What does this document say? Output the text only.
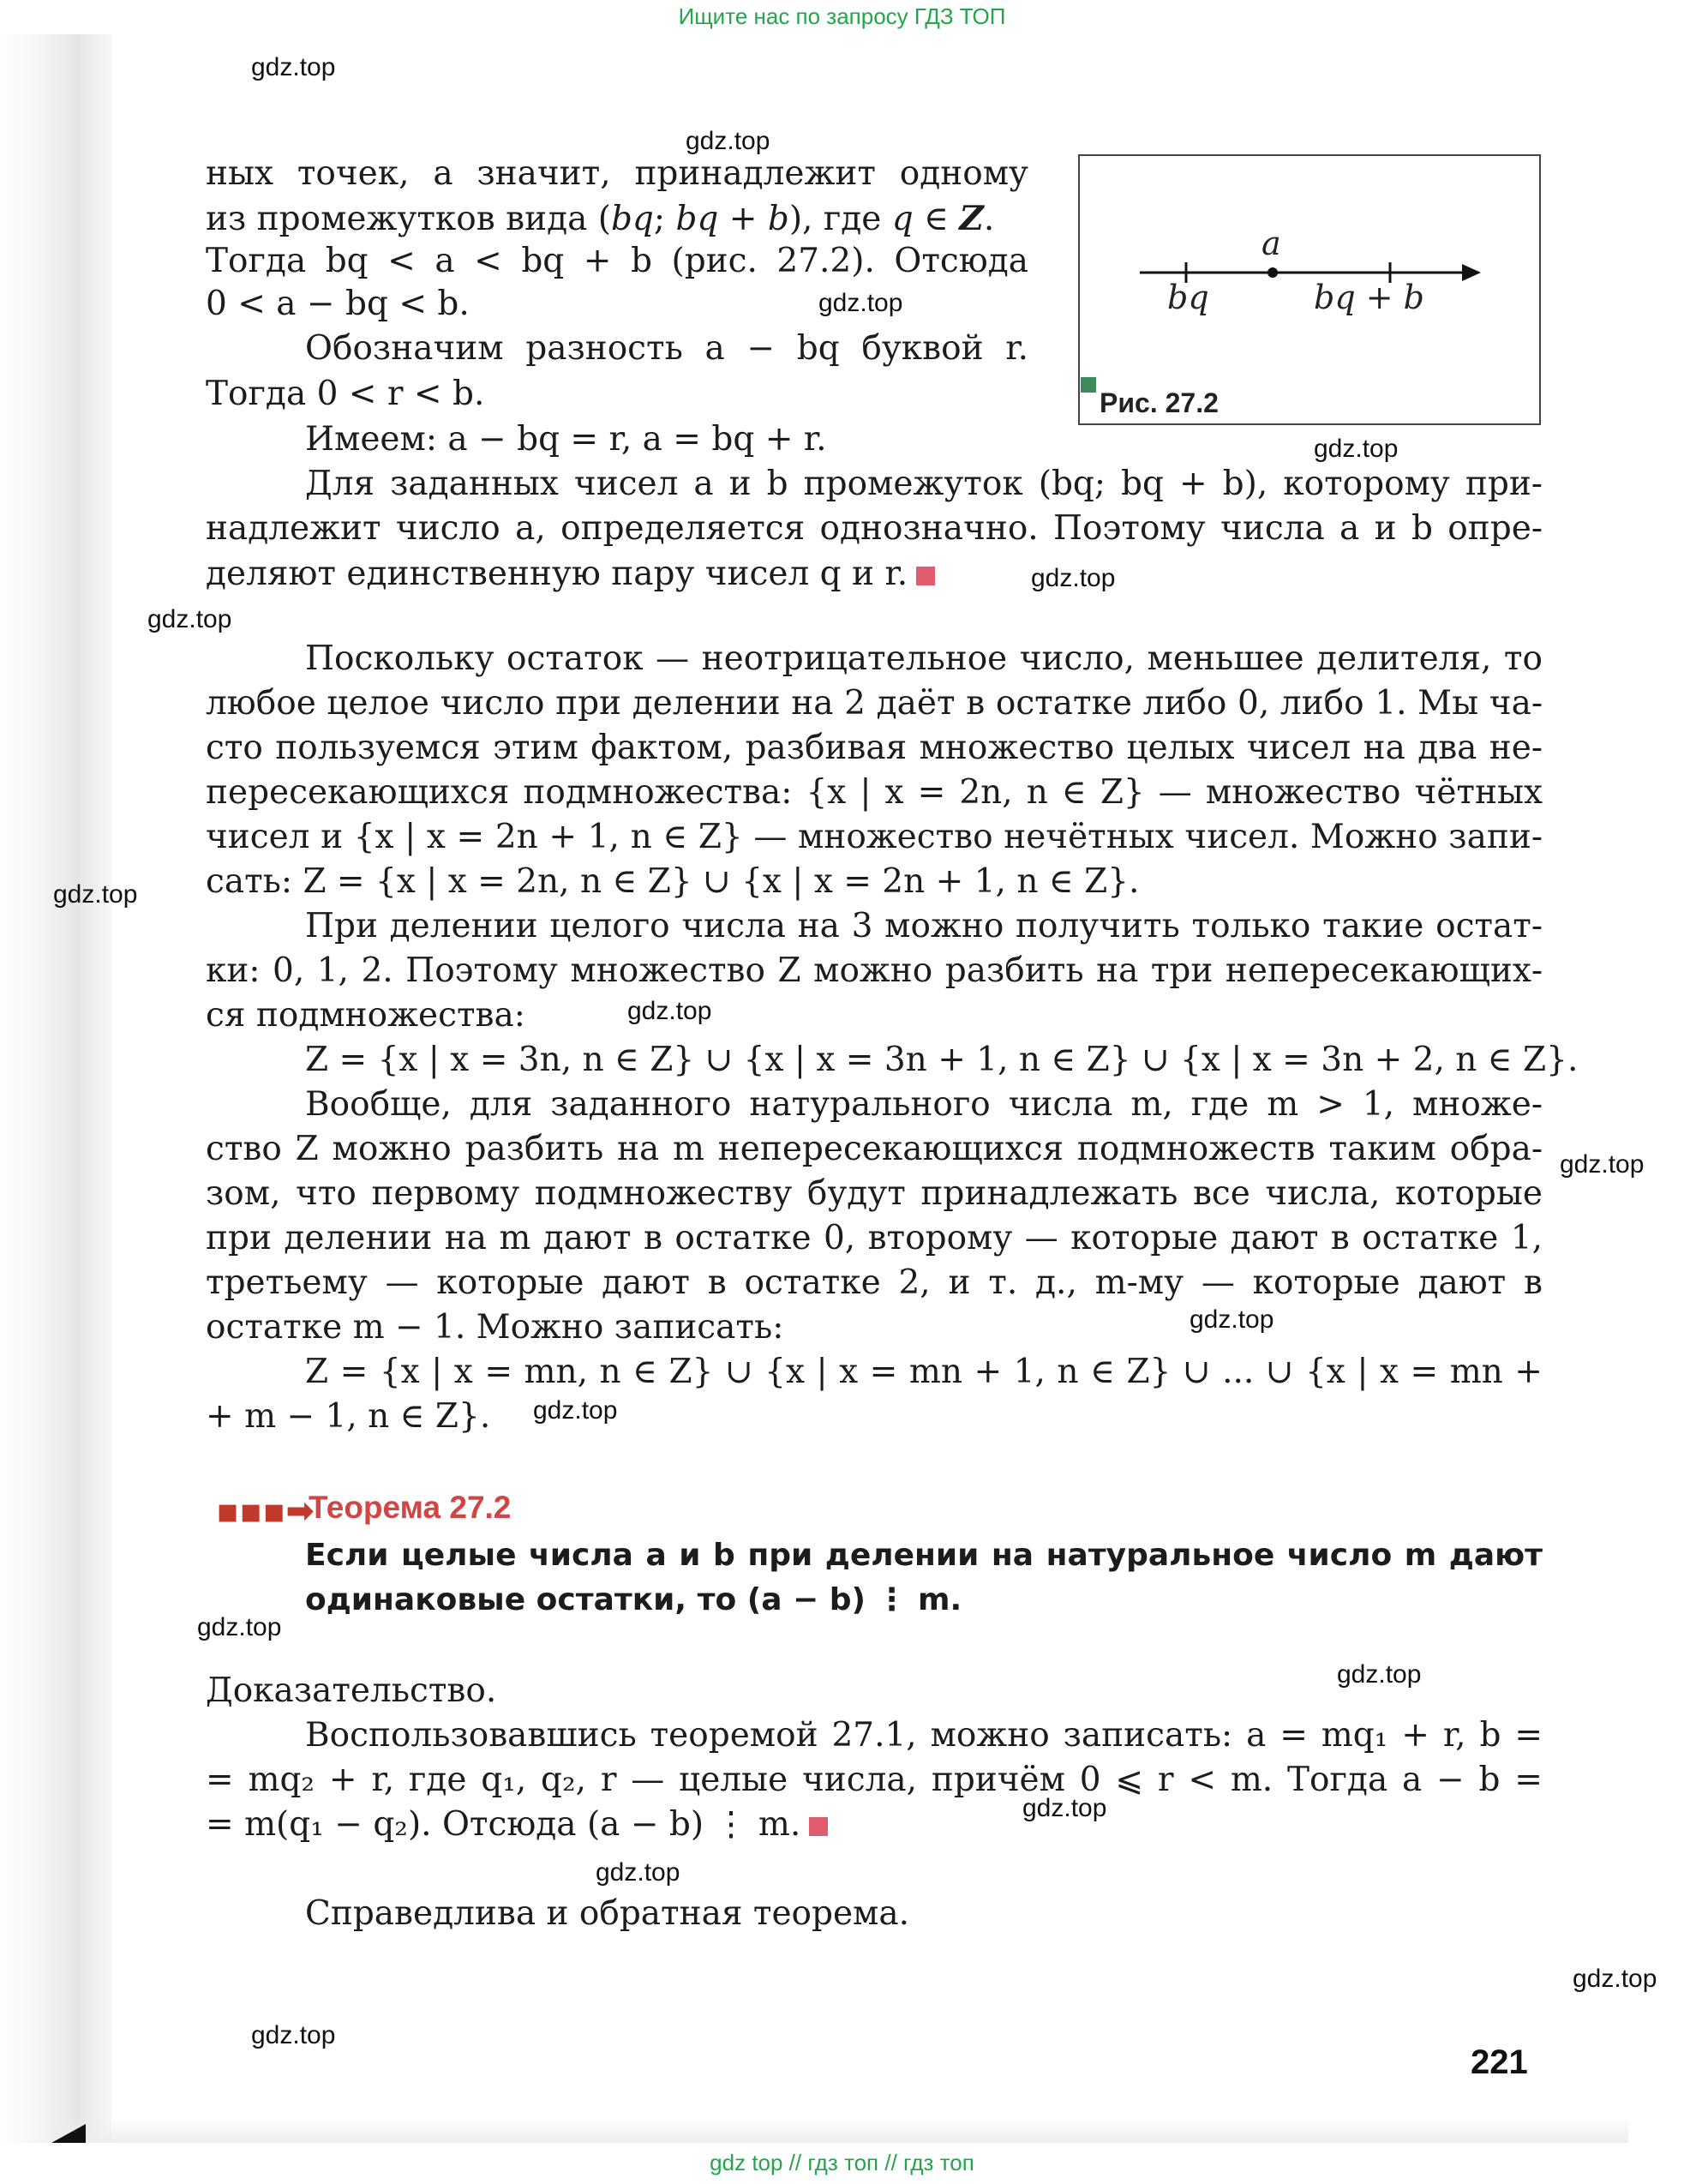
Ищите нас по запросу ГДЗ ТОП
gdz.top
gdz.top
gdz.top
gdz.top
gdz.top
gdz.top
gdz.top
gdz.top
gdz.top
gdz.top
gdz.top
gdz.top
gdz.top
gdz.top
gdz.top
gdz.top
gdz.top
a
bq	bq + b
Рис. 27.2
ных точек, а значит, принадлежит одному
из промежутков вида (bq; bq + b), где q ∈ Z.
Тогда bq < a < bq + b (рис. 27.2). Отсюда
0 < a − bq < b.
Обозначим разность a − bq буквой r.
Тогда 0 < r < b.
Имеем: a − bq = r, a = bq + r.
Для заданных чисел a и b промежуток (bq; bq + b), которому при-
надлежит число a, определяется однозначно. Поэтому числа a и b опре-
деляют единственную пару чисел q и r.
Поскольку остаток — неотрицательное число, меньшее делителя, то
любое целое число при делении на 2 даёт в остатке либо 0, либо 1. Мы ча-
сто пользуемся этим фактом, разбивая множество целых чисел на два не-
пересекающихся подмножества: {x | x = 2n, n ∈ Z} — множество чётных
чисел и {x | x = 2n + 1, n ∈ Z} — множество нечётных чисел. Можно запи-
сать: Z = {x | x = 2n, n ∈ Z} ∪ {x | x = 2n + 1, n ∈ Z}.
При делении целого числа на 3 можно получить только такие остат-
ки: 0, 1, 2. Поэтому множество Z можно разбить на три непересекающих-
ся подмножества:
Z = {x | x = 3n, n ∈ Z} ∪ {x | x = 3n + 1, n ∈ Z} ∪ {x | x = 3n + 2, n ∈ Z}.
Вообще, для заданного натурального числа m, где m > 1, множе-
ство Z можно разбить на m непересекающихся подмножеств таким обра-
зом, что первому подмножеству будут принадлежать все числа, которые
при делении на m дают в остатке 0, второму — которые дают в остатке 1,
третьему — которые дают в остатке 2, и т. д., m-му — которые дают в
остатке m − 1. Можно записать:
Z = {x | x = mn, n ∈ Z} ∪ {x | x = mn + 1, n ∈ Z} ∪ ... ∪ {x | x = mn +
+ m − 1, n ∈ Z}.
▪▪▪➡
Теорема 27.2
Если целые числа a и b при делении на натуральное число m дают
одинаковые остатки, то (a − b) ⋮ m.
Доказательство.
Воспользовавшись теоремой 27.1, можно записать: a = mq₁ + r, b =
= mq₂ + r, где q₁, q₂, r — целые числа, причём 0 ⩽ r < m. Тогда a − b =
= m(q₁ − q₂). Отсюда (a − b) ⋮ m.
Справедлива и обратная теорема.
221
gdz top // гдз топ // гдз топ
